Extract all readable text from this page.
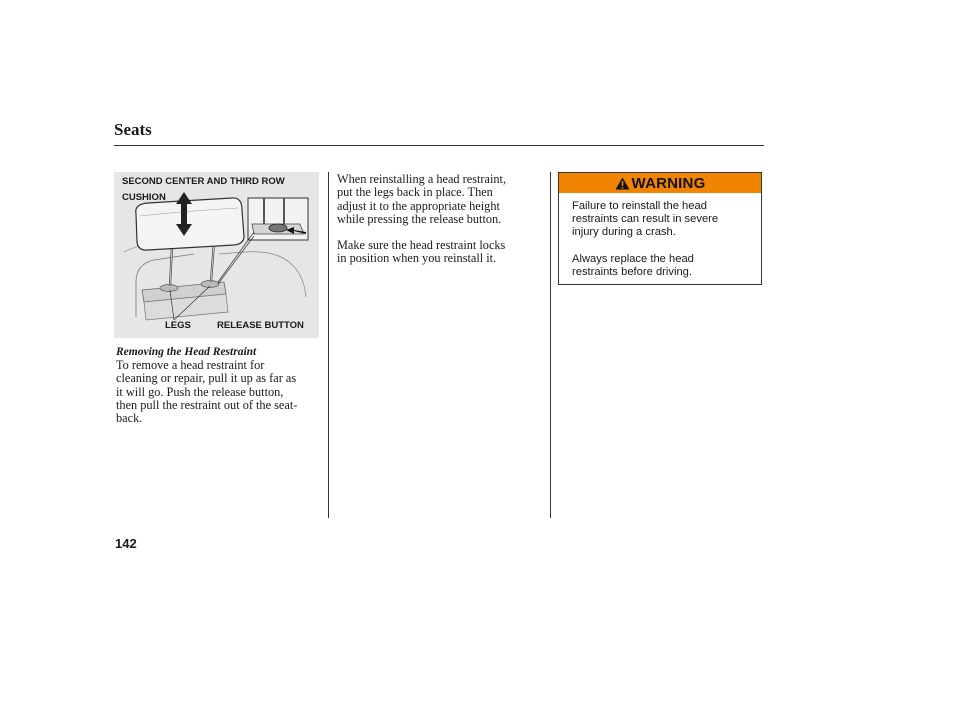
Seats
SECOND CENTER AND THIRD ROW
CUSHION
LEGS	RELEASE BUTTON
Removing the Head Restraint
To remove a head restraint for
cleaning or repair, pull it up as far as
it will go. Push the release button,
then pull the restraint out of the seat-
back.
When reinstalling a head restraint,
put the legs back in place. Then
adjust it to the appropriate height
while pressing the release button.
Make sure the head restraint locks
in position when you reinstall it.
WARNING
Failure to reinstall the head
restraints can result in severe
injury during a crash.
Always replace the head
restraints before driving.
142
